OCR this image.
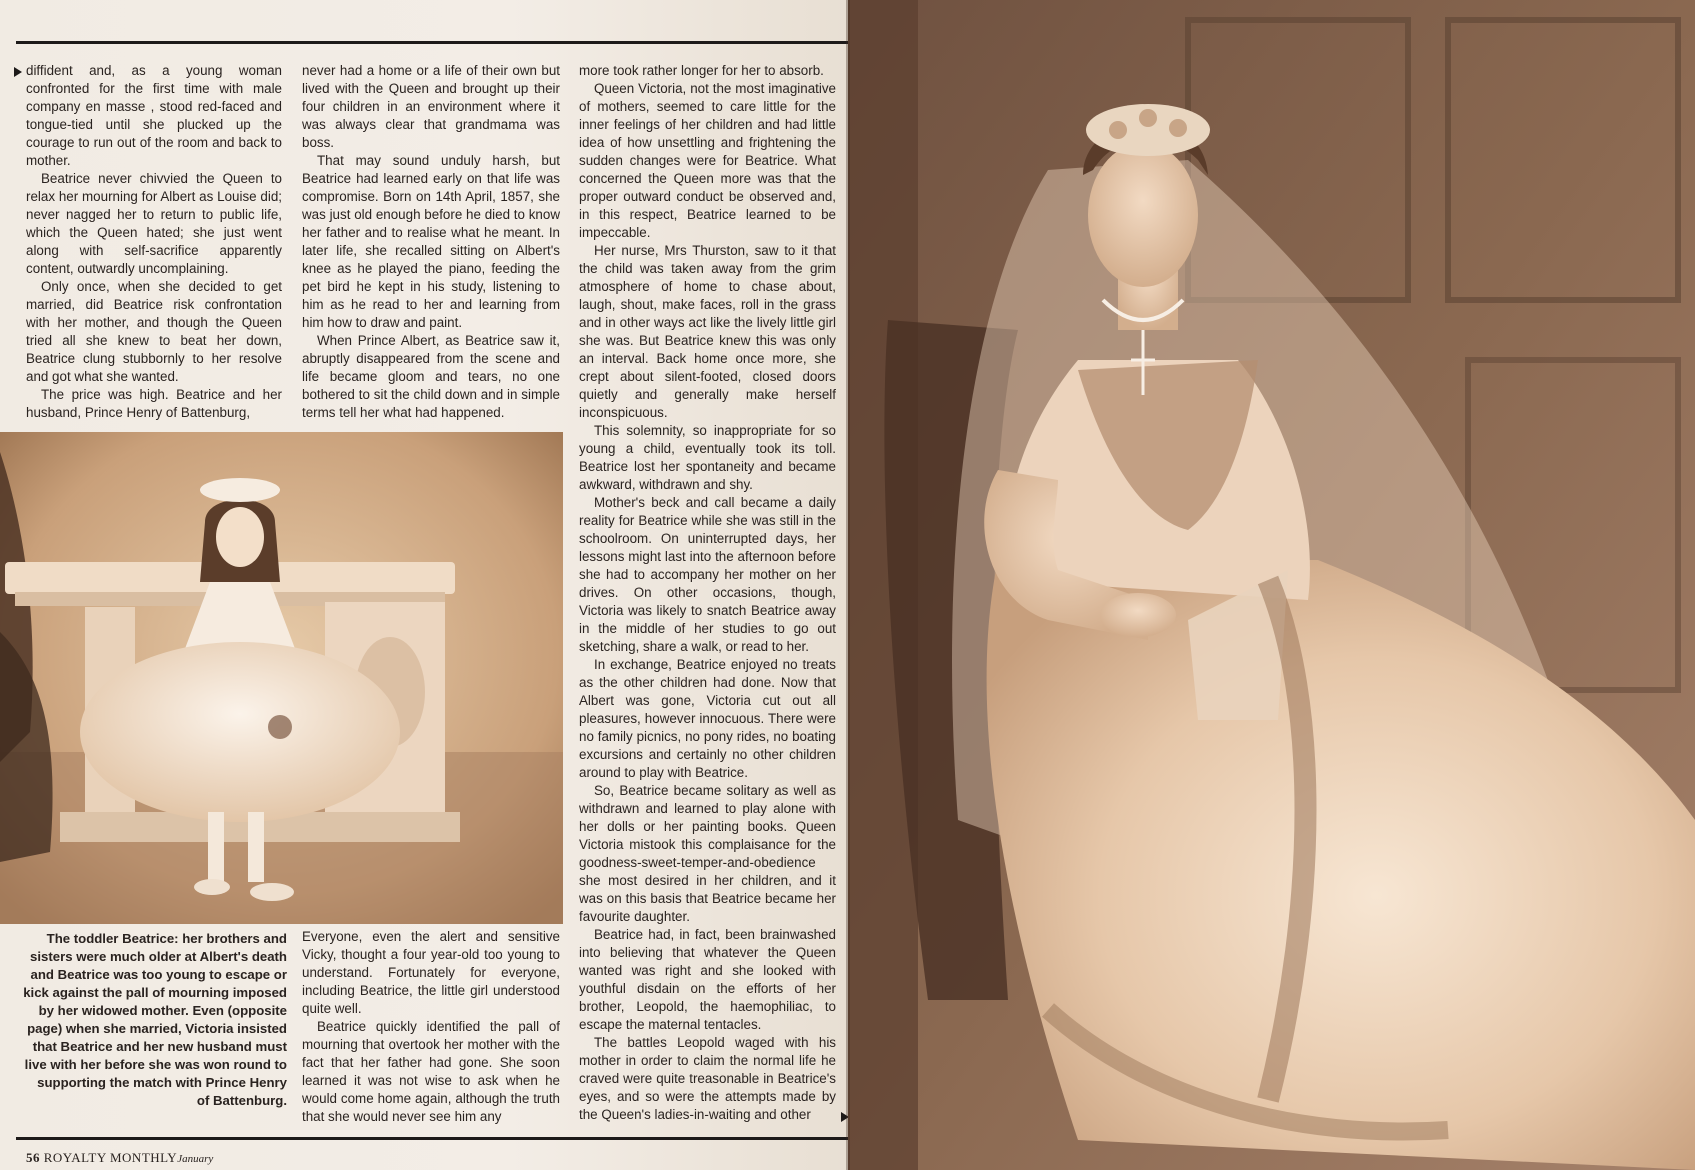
diffident and, as a young woman confronted for the first time with male company en masse , stood red-faced and tongue-tied until she plucked up the courage to run out of the room and back to mother.

Beatrice never chivvied the Queen to relax her mourning for Albert as Louise did; never nagged her to return to public life, which the Queen hated; she just went along with self-sacrifice apparently content, outwardly uncomplaining.

Only once, when she decided to get married, did Beatrice risk confrontation with her mother, and though the Queen tried all she knew to beat her down, Beatrice clung stubbornly to her resolve and got what she wanted.

The price was high. Beatrice and her husband, Prince Henry of Battenburg,

never had a home or a life of their own but lived with the Queen and brought up their four children in an environment where it was always clear that grandmama was boss.

That may sound unduly harsh, but Beatrice had learned early on that life was compromise. Born on 14th April, 1857, she was just old enough before he died to know her father and to realise what he meant. In later life, she recalled sitting on Albert's knee as he played the piano, feeding the pet bird he kept in his study, listening to him as he read to her and learning from him how to draw and paint.

When Prince Albert, as Beatrice saw it, abruptly disappeared from the scene and life became gloom and tears, no one bothered to sit the child down and in simple terms tell her what had happened.

The toddler Beatrice: her brothers and sisters were much older at Albert's death and Beatrice was too young to escape or kick against the pall of mourning imposed by her widowed mother. Even (opposite page) when she married, Victoria insisted that Beatrice and her new husband must live with her before she was won round to supporting the match with Prince Henry of Battenburg.

Everyone, even the alert and sensitive Vicky, thought a four year-old too young to understand. Fortunately for everyone, including Beatrice, the little girl understood quite well.

Beatrice quickly identified the pall of mourning that overtook her mother with the fact that her father had gone. She soon learned it was not wise to ask when he would come home again, although the truth that she would never see him any

more took rather longer for her to absorb.

Queen Victoria, not the most imaginative of mothers, seemed to care little for the inner feelings of her children and had little idea of how unsettling and frightening the sudden changes were for Beatrice. What concerned the Queen more was that the proper outward conduct be observed and, in this respect, Beatrice learned to be impeccable.

Her nurse, Mrs Thurston, saw to it that the child was taken away from the grim atmosphere of home to chase about, laugh, shout, make faces, roll in the grass and in other ways act like the lively little girl she was. But Beatrice knew this was only an interval. Back home once more, she crept about silent-footed, closed doors quietly and generally make herself inconspicuous.

This solemnity, so inappropriate for so young a child, eventually took its toll. Beatrice lost her spontaneity and became awkward, withdrawn and shy.

Mother's beck and call became a daily reality for Beatrice while she was still in the schoolroom. On uninterrupted days, her lessons might last into the afternoon before she had to accompany her mother on her drives. On other occasions, though, Victoria was likely to snatch Beatrice away in the middle of her studies to go out sketching, share a walk, or read to her.

In exchange, Beatrice enjoyed no treats as the other children had done. Now that Albert was gone, Victoria cut out all pleasures, however innocuous. There were no family picnics, no pony rides, no boating excursions and certainly no other children around to play with Beatrice.

So, Beatrice became solitary as well as withdrawn and learned to play alone with her dolls or her painting books. Queen Victoria mistook this complaisance for the goodness-sweet-temper-and-obedience she most desired in her children, and it was on this basis that Beatrice became her favourite daughter.

Beatrice had, in fact, been brainwashed into believing that whatever the Queen wanted was right and she looked with youthful disdain on the efforts of her brother, Leopold, the haemophiliac, to escape the maternal tentacles.

The battles Leopold waged with his mother in order to claim the normal life he craved were quite treasonable in Beatrice's eyes, and so were the attempts made by the Queen's ladies-in-waiting and other

56 ROYALTY MONTHLYJanuary
